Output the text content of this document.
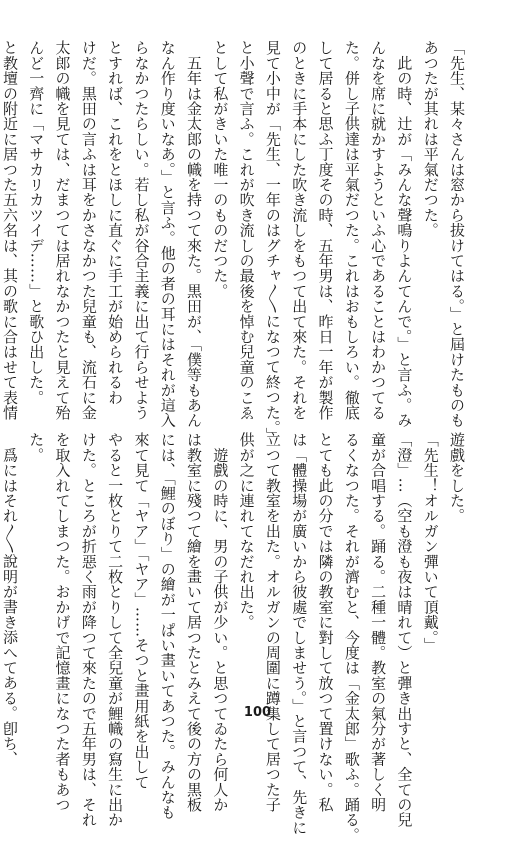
「先生、某々さんは窓から拔けてはる。」と屆けたものも
あつたが其れは平氣だつた。
　此の時、辻が「みんな聲鳴りよんてんで。」と言ふ。み
んなを席に就かすようといふ心であることはわかつてる
た。併し子供達は平氣だつた。これはおもしろい。徹底
して居ると思ふ丁度その時、五年男は、昨日一年が製作
のときに手本にした吹き流しをもつて出て來た。それを
見て小中が「先生、一年のはグチャ〳〵になつて終つた。」
と小聲で言ふ。これが吹き流しの最後を悼む兒童のこゑ
として私がきいた唯一のものだつた。
　五年は金太郎の幟を持つて來た。黒田が、「僕等もあん
なん作り度いなあ。」と言ふ。他の者の耳にはそれが這入
らなかつたらしい。若し私が谷合主義に出て行らせよう
とすれば、これをとほしに直ぐに手工が始められるわ
けだ。黒田の言ふは耳をかさなかつた兒童も、流石に金
太郎の幟を見ては、だまつては居れなかつたと見えて殆
んど一齊に「マサカリカツイデ……」と歌ひ出した。
と教壇の附近に居つた五六名は、其の歌に合はせて表情
遊戲をした。
「先生！オルガン彈いて頂戴。」
「澄」…（空も澄も夜は晴れて）と彈き出すと、全ての兒
童が合唱する。踊る。二種一體。教室の氣分が著しく明
るくなつた。それが濟むと、今度は「金太郎」歌ふ。踊る。
とても此の分では隣の教室に對して放つて置けない。私
は「體操場が廣いから彼處でしませう。」と言つて、先きに
立つて教室を出た。オルガンの周圍に蹲集して居つた子
供が之に連れてなだれ出た。
　遊戲の時に、男の子供が少い。と思つてゐたら何人か
は教室に殘つて繪を畫いて居つたとみえて後の方の黒板
には、「鯉のぼり」の繪が一ぱい畫いてあつた。みんなも
來て見て「ヤア」「ヤア」……そつと畫用紙を出して
やると一枚とりて二枚とりして全兒童が鯉幟の寫生に出か
けた。ところが折惡く雨が降つて來たので五年男は、それ
を取入れてしまつた。おかげで記憶畫になつた者もあつ
た。
　爲にはそれ〳〵說明が書き添へてある。卽ち、	100
